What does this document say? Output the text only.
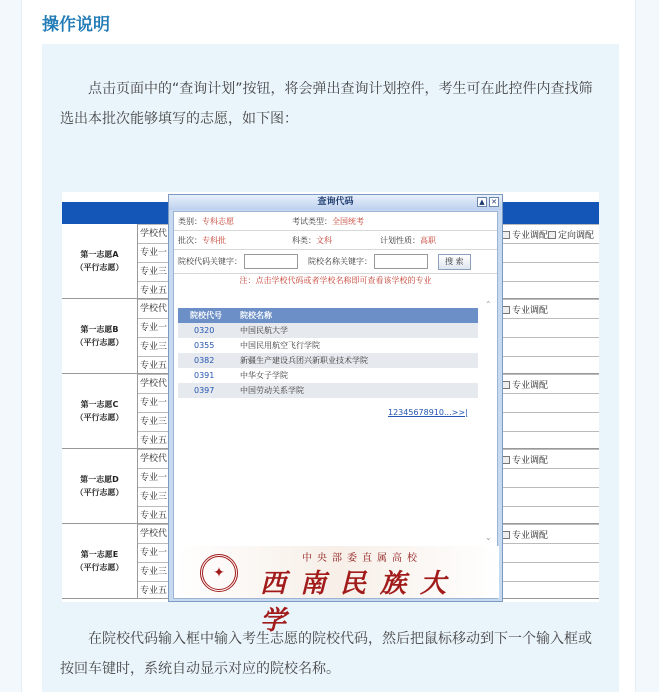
操作说明

点击页面中的“查询计划”按钮，将会弹出查询计划控件，考生可在此控件内查找筛选出本批次能够填写的志愿，如下图：

第一志愿A
（平行志愿）
学校代	专业调配 定向调配
专业一
专业三
专业五
第一志愿B
（平行志愿）
学校代	专业调配
专业一
专业三
专业五
第一志愿C
（平行志愿）
学校代	专业调配
专业一
专业三
专业五
第一志愿D
（平行志愿）
学校代	专业调配
专业一
专业三
专业五
第一志愿E
（平行志愿）
学校代	专业调配
专业一
专业三
专业五
查询代码	▲ ✕
类别：专科志愿	考试类型：全国统考
批次：专科批	科类：文科	计划性质：高职
院校代码关键字：	院校名称关键字：	搜 索
注：点击学校代码或者学校名称即可查看该学校的专业
院校代号	院校名称
0320	中国民航大学
0355	中国民用航空飞行学院
0382	新疆生产建设兵团兴新职业技术学院
0391	中华女子学院
0397	中国劳动关系学院
12345678910...>>|
⌃
⌄
✦
中央部委直属高校
西南民族大学

在院校代码输入框中输入考生志愿的院校代码，然后把鼠标移动到下一个输入框或按回车键时，系统自动显示对应的院校名称。
